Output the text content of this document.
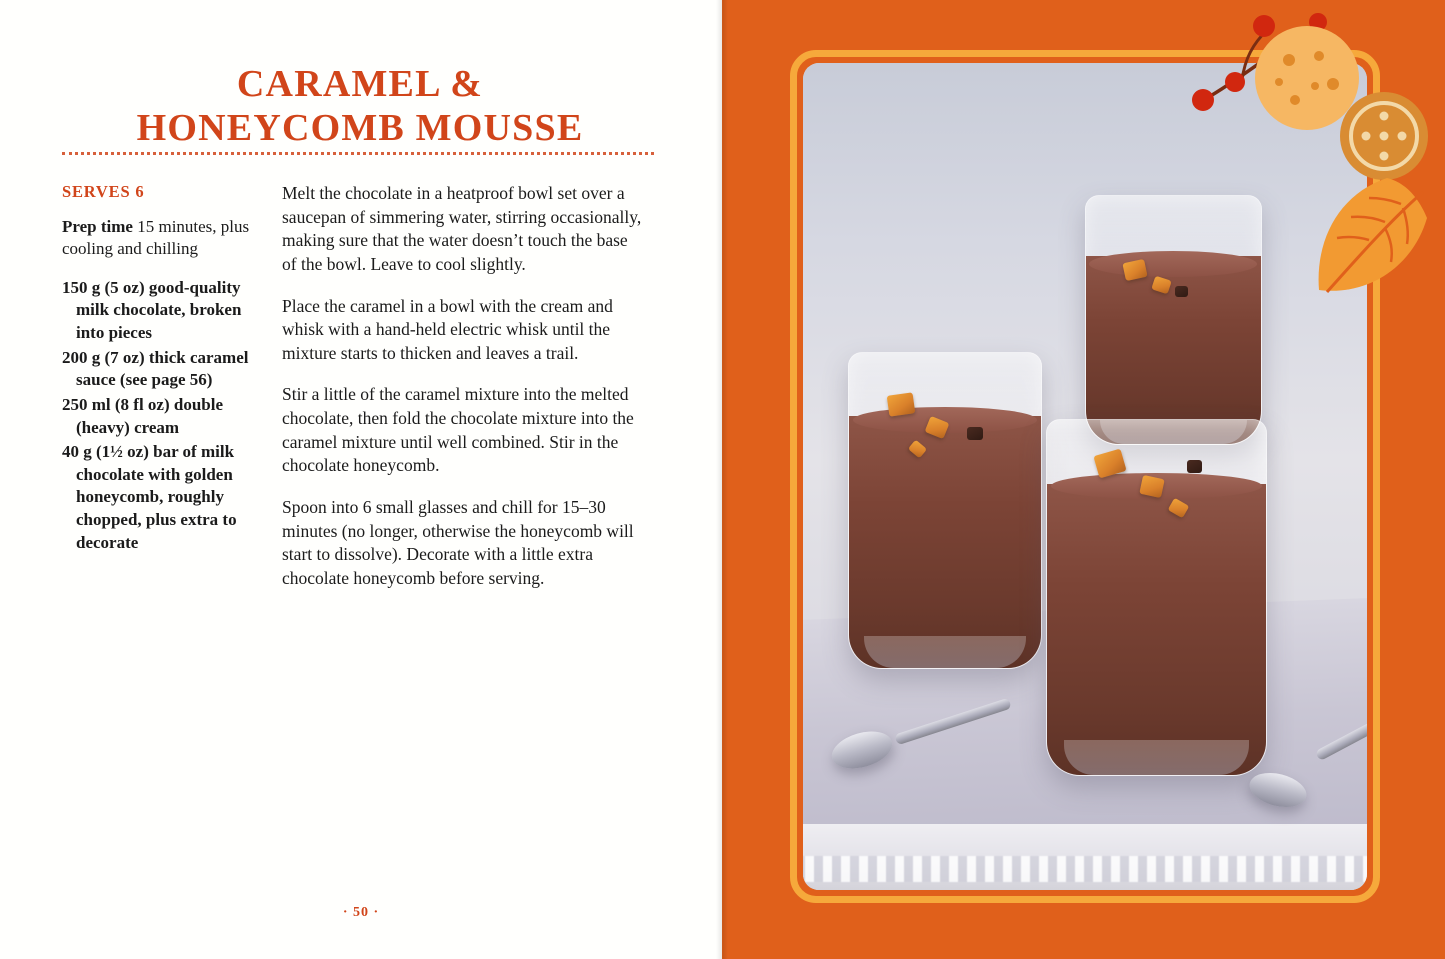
CARAMEL &
HONEYCOMB MOUSSE
SERVES 6

Prep time 15 minutes, plus cooling and chilling

150 g (5 oz) good-quality milk chocolate, broken into pieces
200 g (7 oz) thick caramel sauce (see page 56)
250 ml (8 fl oz) double (heavy) cream
40 g (1½ oz) bar of milk chocolate with golden honeycomb, roughly chopped, plus extra to decorate

Melt the chocolate in a heatproof bowl set over a saucepan of simmering water, stirring occasionally, making sure that the water doesn’t touch the base of the bowl. Leave to cool slightly.

Place the caramel in a bowl with the cream and whisk with a hand-held electric whisk until the mixture starts to thicken and leaves a trail.

Stir a little of the caramel mixture into the melted chocolate, then fold the chocolate mixture into the caramel mixture until well combined. Stir in the chocolate honeycomb.

Spoon into 6 small glasses and chill for 15–30 minutes (no longer, otherwise the honeycomb will start to dissolve). Decorate with a little extra chocolate honeycomb before serving.

· 50 ·
